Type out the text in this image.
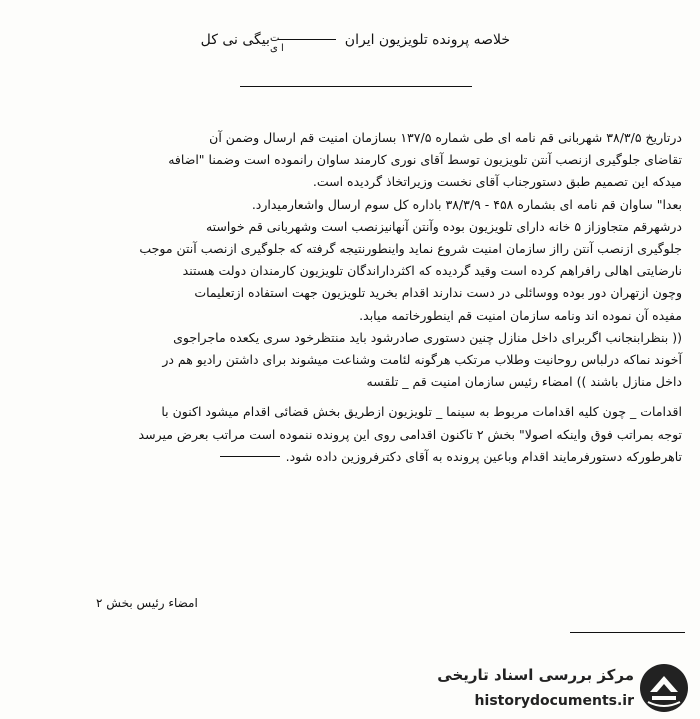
خلاصه پرونده تلویزیون ایران  بیگی نی کل ت
ا ی

درتاریخ ۳۸/۳/۵ شهربانی قم نامه ای طی شماره ۱۳۷/۵ بسازمان امنیت قم ارسال وضمن آن

تقاضای جلوگیری ازنصب آنتن تلویزیون توسط آقای نوری کارمند ساوان رانموده است وضمنا "اضافه

میدکه این تصمیم طبق دستورجناب آقای نخست وزیراتخاذ گردیده است.

بعدا" ساوان قم نامه ای بشماره ۴۵۸ - ۳۸/۳/۹ باداره کل سوم ارسال واشعارمیدارد.

درشهرقم متجاوزاز ۵ خانه دارای تلویزیون بوده وآنتن آنهانیزنصب است وشهربانی قم خواسته

جلوگیری ازنصب آنتن رااز سازمان امنیت شروع نماید واینطورنتیجه گرفته که جلوگیری ازنصب آنتن موجب

نارضایتی اهالی رافراهم کرده است وقید گردیده که اکثرداراندگان تلویزیون کارمندان دولت هستند

وچون ازتهران دور بوده ووسائلی در دست ندارند اقدام بخرید تلویزیون جهت استفاده ازتعلیمات

مفیده آن نموده اند ونامه سازمان امنیت قم اینطورخاتمه میابد.

(( بنظرابنجانب اگربرای داخل منازل چنین دستوری صادرشود باید منتظرخود سری یکعده ماجراجوی

آخوند نماکه درلباس روحانیت وطلاب مرتکب هرگونه لئامت وشناعت میشوند برای داشتن رادیو هم در

داخل منازل باشند )) امضاء رئیس سازمان امنیت قم _ تلقسه

اقدامات _ چون کلیه اقدامات مربوط به سینما _ تلویزیون ازطریق بخش قضائی اقدام میشود اکنون با

توجه بمراتب فوق واینکه اصولا" بخش ۲ تاکنون اقدامی روی این پرونده ننموده است مراتب بعرض میرسد

تاهرطورکه دستورفرمایند اقدام وباعین پرونده به آقای دکترفروزین داده شود.

امضاء رئیس بخش ۲
مرکز بررسی اسناد تاریخی
historydocuments.ir
